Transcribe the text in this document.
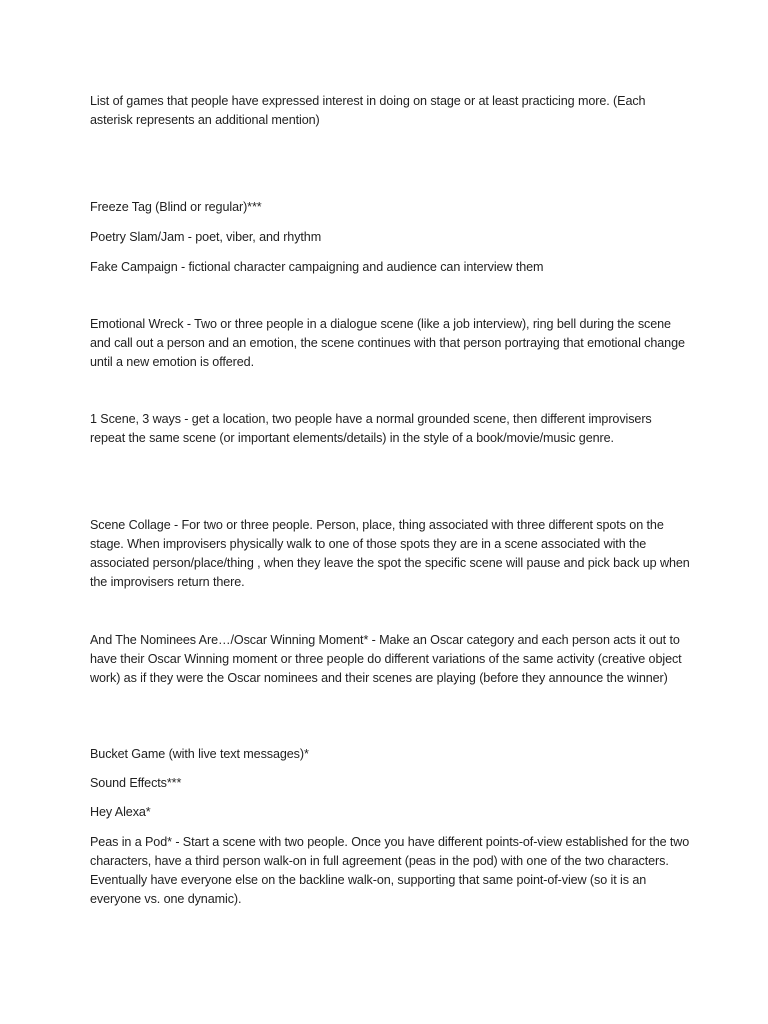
List of games that people have expressed interest in doing on stage or at least practicing more. (Each asterisk represents an additional mention)

Freeze Tag (Blind or regular)***

Poetry Slam/Jam - poet, viber, and rhythm

Fake Campaign - fictional character campaigning and audience can interview them

Emotional Wreck - Two or three people in a dialogue scene (like a job interview), ring bell during the scene and call out a person and an emotion, the scene continues with that person portraying that emotional change until a new emotion is offered.

1 Scene, 3 ways - get a location, two people have a normal grounded scene, then different improvisers repeat the same scene (or important elements/details) in the style of a book/movie/music genre.

Scene Collage - For two or three people. Person, place, thing associated with three different spots on the stage. When improvisers physically walk to one of those spots they are in a scene associated with the associated person/place/thing , when they leave the spot the specific scene will pause and pick back up when the improvisers return there.

And The Nominees Are…/Oscar Winning Moment* - Make an Oscar category and each person acts it out to have their Oscar Winning moment or three people do different variations of the same activity (creative object work) as if they were the Oscar nominees and their scenes are playing (before they announce the winner)

Bucket Game (with live text messages)*

Sound Effects***

Hey Alexa*

Peas in a Pod* - Start a scene with two people. Once you have different points-of-view established for the two characters, have a third person walk-on in full agreement (peas in the pod) with one of the two characters. Eventually have everyone else on the backline walk-on, supporting that same point-of-view (so it is an everyone vs. one dynamic).
